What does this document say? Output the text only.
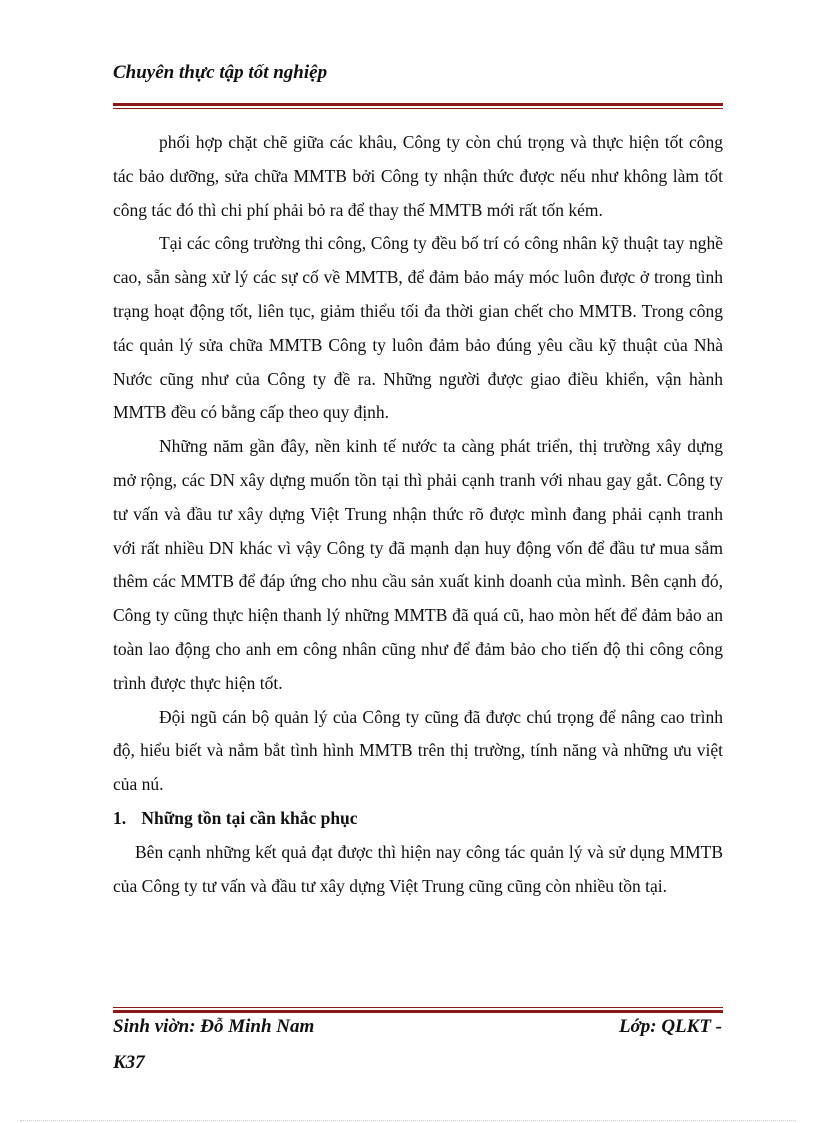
Chuyên thực tập tốt nghiệp

phối hợp chặt chẽ giữa các khâu, Công ty còn chú trọng và thực hiện tốt công tác bảo dưỡng, sửa chữa MMTB bởi Công ty nhận thức được nếu như không làm tốt công tác đó thì chi phí phải bỏ ra để thay thế MMTB mới rất tốn kém.

Tại các công trường thi công, Công ty đều bố trí có công nhân kỹ thuật tay nghề cao, sẵn sàng xử lý các sự cố về MMTB, để đảm bảo máy móc luôn được ở trong tình trạng hoạt động tốt, liên tục, giảm thiểu tối đa thời gian chết cho MMTB. Trong công tác quản lý sửa chữa MMTB Công ty luôn đảm bảo đúng yêu cầu kỹ thuật của Nhà Nước cũng như của Công ty đề ra. Những người được giao điều khiển, vận hành MMTB đều có bằng cấp theo quy định.

Những năm gần đây, nền kinh tế nước ta càng phát triển, thị trường xây dựng mở rộng, các DN xây dựng muốn tồn tại thì phải cạnh tranh với nhau gay gắt. Công ty tư vấn và đầu tư xây dựng Việt Trung nhận thức rõ được mình đang phải cạnh tranh với rất nhiều DN khác vì vậy Công ty đã mạnh dạn huy động vốn để đầu tư mua sắm thêm các MMTB để đáp ứng cho nhu cầu sản xuất kinh doanh của mình. Bên cạnh đó, Công ty cũng thực hiện thanh lý những MMTB đã quá cũ, hao mòn hết để đảm bảo an toàn lao động cho anh em công nhân cũng như để đảm bảo cho tiến độ thi công công trình được thực hiện tốt.

Đội ngũ cán bộ quản lý của Công ty cũng đã được chú trọng để nâng cao trình độ, hiểu biết và nắm bắt tình hình MMTB trên thị trường, tính năng và những ưu việt của nú.

1. Những tồn tại cần khắc phục

Bên cạnh những kết quả đạt được thì hiện nay công tác quản lý và sử dụng MMTB của Công ty tư vấn và đầu tư xây dựng Việt Trung cũng cũng còn nhiều tồn tại.

Sinh viờn: Đỗ Minh Nam	Lớp: QLKT -
K37
